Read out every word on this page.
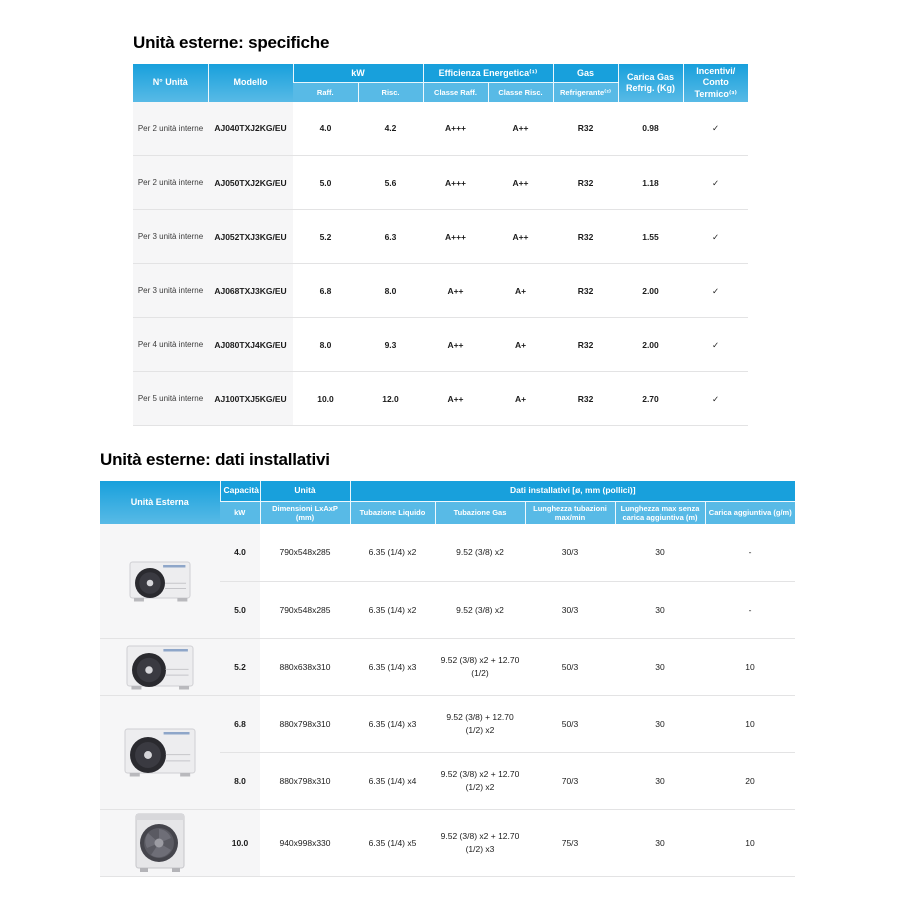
Unità esterne: specifiche
N° Unità	Modello	kW		Efficienza Energetica⁽¹⁾		Gas	Carica Gas Refrig. (Kg)	Incentivi/ Conto Termico⁽³⁾
		Raff.	Risc.	Classe Raff.	Classe Risc.	Refrigerante⁽²⁾		
Per 2 unità interne	AJ040TXJ2KG/EU	4.0	4.2	A+++	A++	R32	0.98	✓
Per 2 unità interne	AJ050TXJ2KG/EU	5.0	5.6	A+++	A++	R32	1.18	✓
Per 3 unità interne	AJ052TXJ3KG/EU	5.2	6.3	A+++	A++	R32	1.55	✓
Per 3 unità interne	AJ068TXJ3KG/EU	6.8	8.0	A++	A+	R32	2.00	✓
Per 4 unità interne	AJ080TXJ4KG/EU	8.0	9.3	A++	A+	R32	2.00	✓
Per 5 unità interne	AJ100TXJ5KG/EU	10.0	12.0	A++	A+	R32	2.70	✓
Unità esterne: dati installativi
Unità Esterna	Capacità	Unità	Dati installativi [ø, mm (pollici)]				
	kW	Dimensioni LxAxP (mm)	Tubazione Liquido	Tubazione Gas	Lunghezza tubazioni max/min	Lunghezza max senza carica aggiuntiva (m)	Carica aggiuntiva (g/m)

	4.0	790x548x285	6.35 (1/4) x2	9.52 (3/8) x2	30/3	30	-
	5.0	790x548x285	6.35 (1/4) x2	9.52 (3/8) x2	30/3	30	-

	5.2	880x638x310	6.35 (1/4) x3	9.52 (3/8) x2 + 12.70 (1/2)	50/3	30	10

	6.8	880x798x310	6.35 (1/4) x3	9.52 (3/8) + 12.70 (1/2) x2	50/3	30	10
	8.0	880x798x310	6.35 (1/4) x4	9.52 (3/8) x2 + 12.70 (1/2) x2	70/3	30	20

	10.0	940x998x330	6.35 (1/4) x5	9.52 (3/8) x2 + 12.70 (1/2) x3	75/3	30	10
